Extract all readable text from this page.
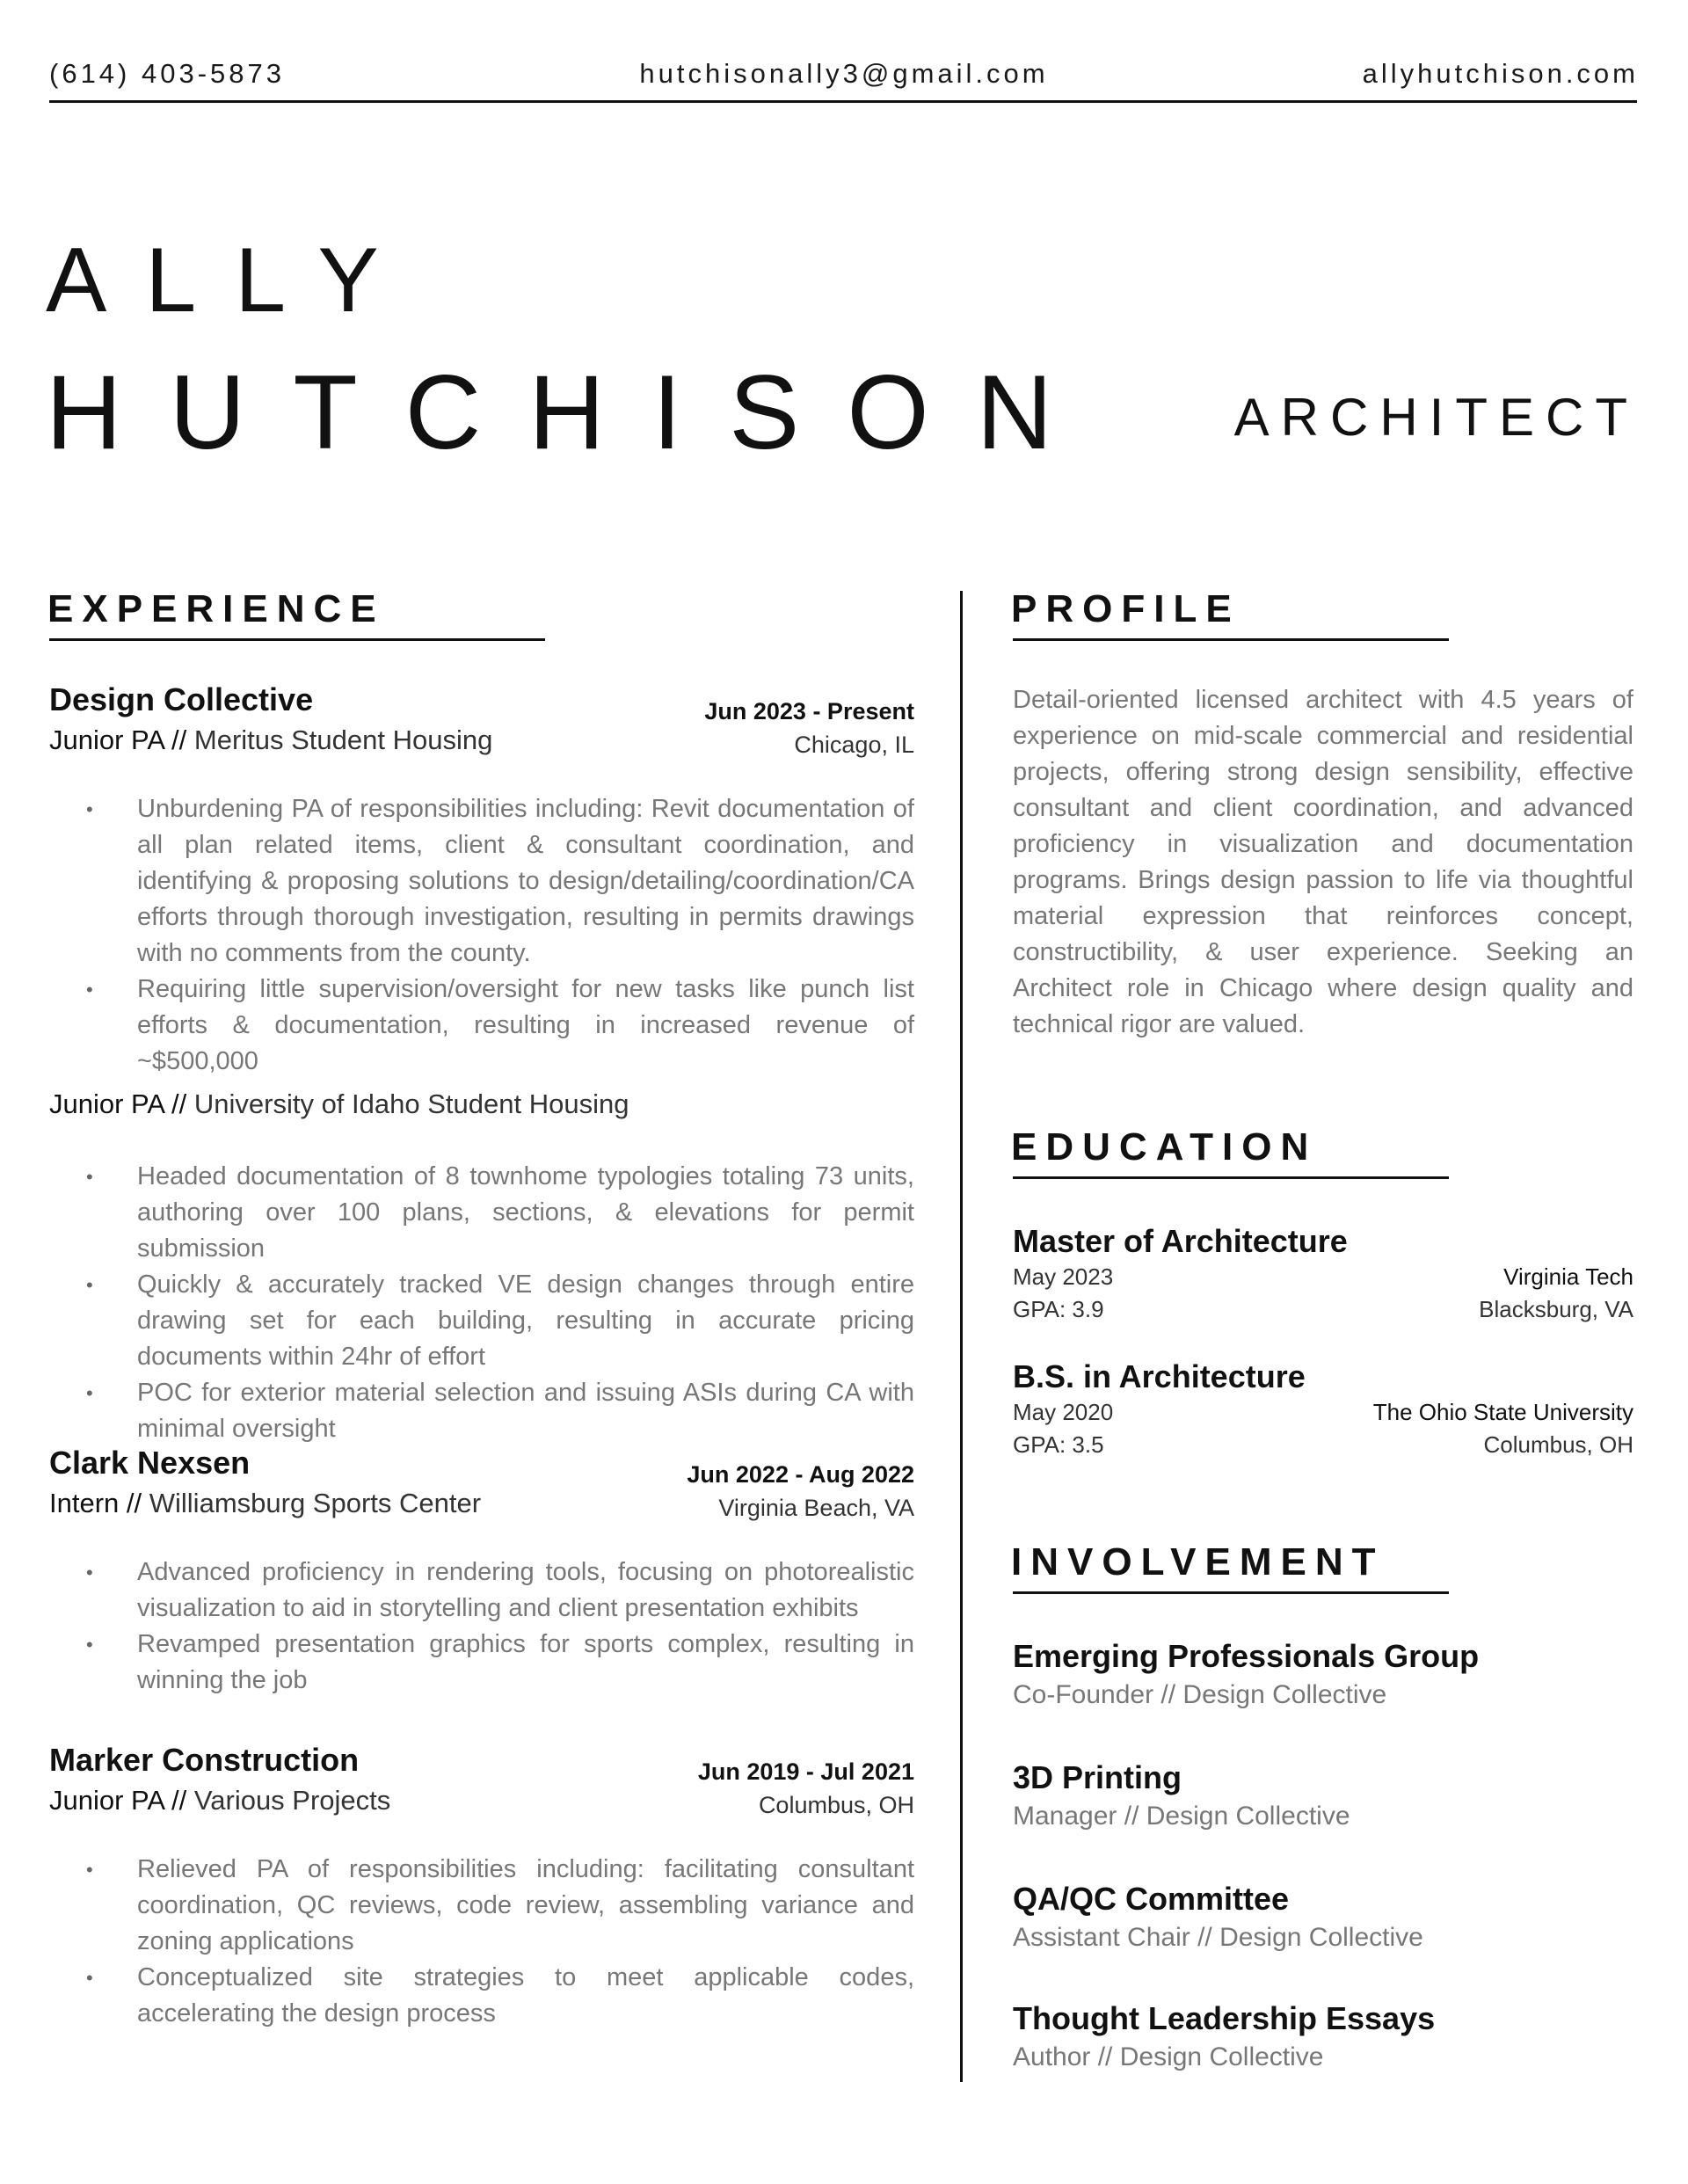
(614) 403-5873	hutchisonally3@gmail.com	allyhutchison.com
ALLY
HUTCHISON	ARCHITECT
EXPERIENCE
Design Collective
Junior PA // Meritus Student Housing
Jun 2023 - Present
Chicago, IL
• Unburdening PA of responsibilities including: Revit documentation of all plan related items, client & consultant coordination, and identifying & proposing solutions to design/detailing/coordination/CA efforts through thorough investigation, resulting in permits drawings with no comments from the county.
• Requiring little supervision/oversight for new tasks like punch list efforts & documentation, resulting in increased revenue of ~$500,000
Junior PA // University of Idaho Student Housing
• Headed documentation of 8 townhome typologies totaling 73 units, authoring over 100 plans, sections, & elevations for permit submission
• Quickly & accurately tracked VE design changes through entire drawing set for each building, resulting in accurate pricing documents within 24hr of effort
• POC for exterior material selection and issuing ASIs during CA with minimal oversight
Clark Nexsen
Intern // Williamsburg Sports Center
Jun 2022 - Aug 2022
Virginia Beach, VA
• Advanced proficiency in rendering tools, focusing on photorealistic visualization to aid in storytelling and client presentation exhibits
• Revamped presentation graphics for sports complex, resulting in winning the job
Marker Construction
Junior PA // Various Projects
Jun 2019 - Jul 2021
Columbus, OH
• Relieved PA of responsibilities including: facilitating consultant coordination, QC reviews, code review, assembling variance and zoning applications
• Conceptualized site strategies to meet applicable codes, accelerating the design process
PROFILE
Detail-oriented licensed architect with 4.5 years of experience on mid-scale commercial and residential projects, offering strong design sensibility, effective consultant and client coordination, and advanced proficiency in visualization and documentation programs. Brings design passion to life via thoughtful material expression that reinforces concept, constructibility, & user experience. Seeking an Architect role in Chicago where design quality and technical rigor are valued.
EDUCATION
Master of Architecture
May 2023	Virginia Tech
GPA: 3.9	Blacksburg, VA
B.S. in Architecture
May 2020	The Ohio State University
GPA: 3.5	Columbus, OH
INVOLVEMENT
Emerging Professionals Group
Co-Founder // Design Collective
3D Printing
Manager // Design Collective
QA/QC Committee
Assistant Chair // Design Collective
Thought Leadership Essays
Author // Design Collective
